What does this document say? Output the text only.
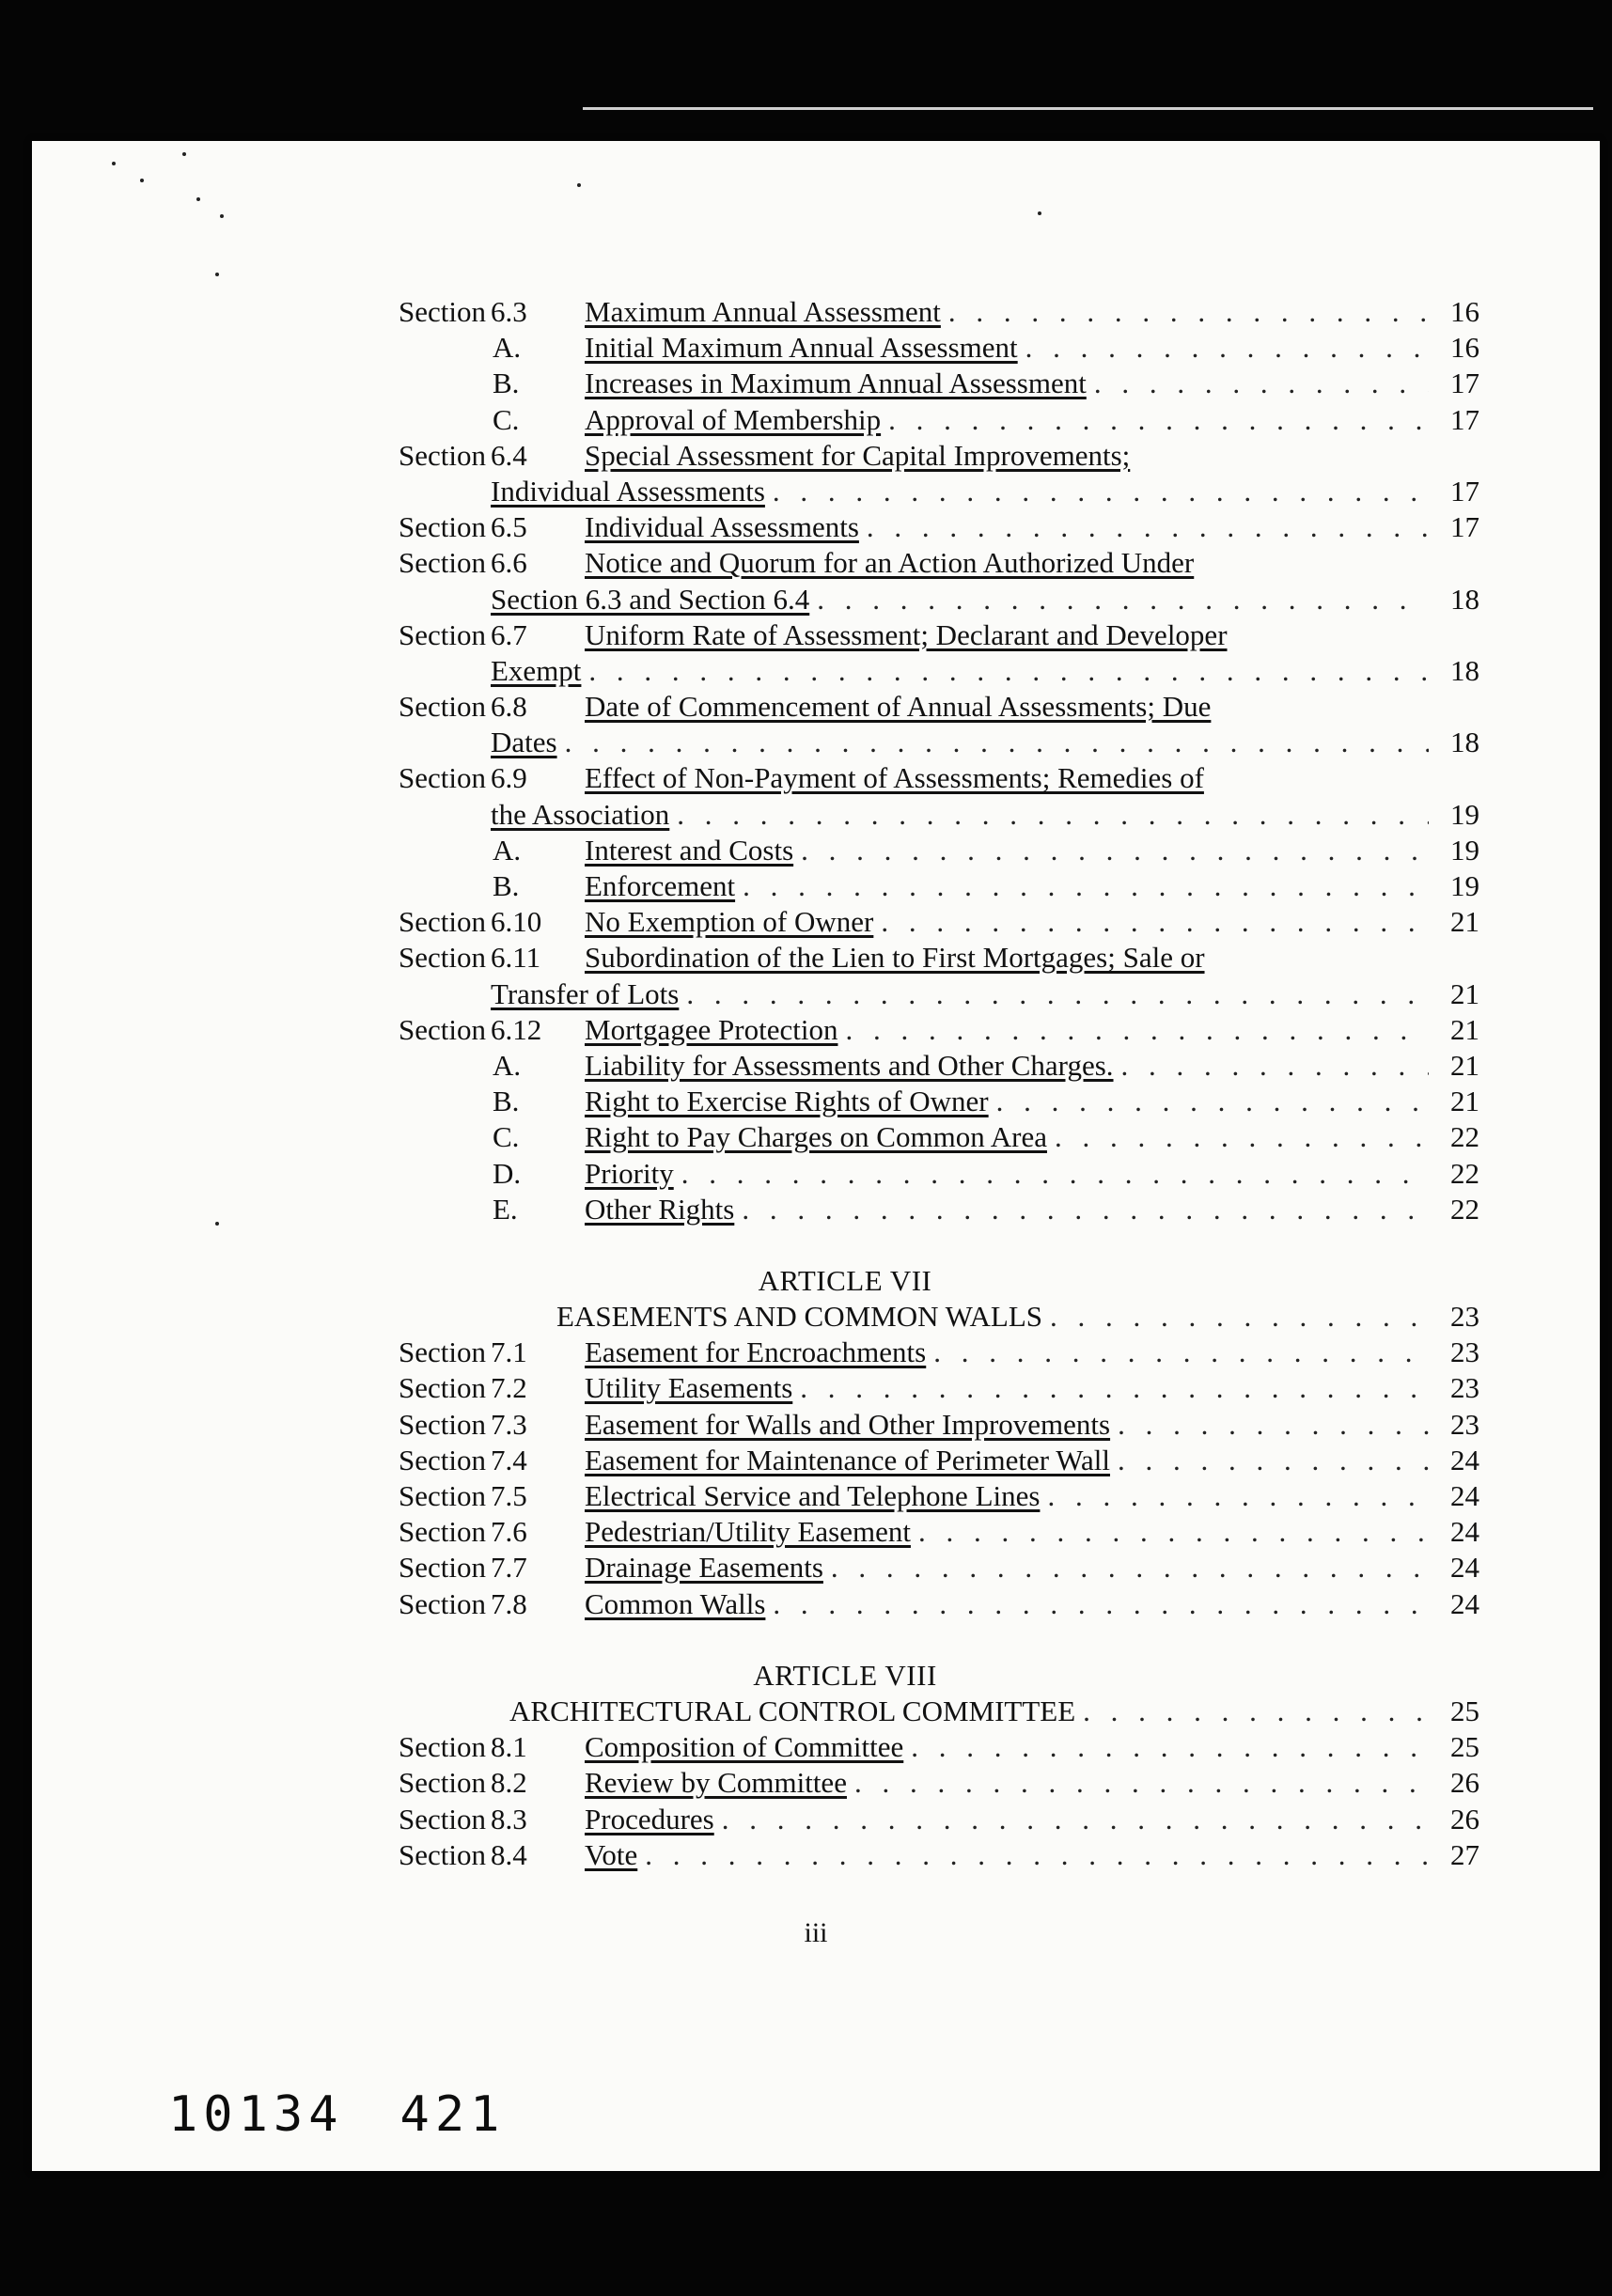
Section 6.3	Maximum Annual Assessment . . .	16
A.	Initial Maximum Annual Assessment . . .	16
B.	Increases in Maximum Annual Assessment . . .	17
C.	Approval of Membership . . .	17
Section 6.4	Special Assessment for Capital Improvements;
Individual Assessments . . .	17
Section 6.5	Individual Assessments . . .	17
Section 6.6	Notice and Quorum for an Action Authorized Under
Section 6.3 and Section 6.4 . . .	18
Section 6.7	Uniform Rate of Assessment; Declarant and Developer
Exempt . . .	18
Section 6.8	Date of Commencement of Annual Assessments; Due
Dates . . .	18
Section 6.9	Effect of Non-Payment of Assessments; Remedies of
the Association . . .	19
A.	Interest and Costs . . .	19
B.	Enforcement . . .	19
Section 6.10	No Exemption of Owner . . .	21
Section 6.11	Subordination of the Lien to First Mortgages; Sale or
Transfer of Lots . . .	21
Section 6.12	Mortgagee Protection . . .	21
A.	Liability for Assessments and Other Charges. . . .	21
B.	Right to Exercise Rights of Owner . . .	21
C.	Right to Pay Charges on Common Area . . .	22
D.	Priority . . .	22
E.	Other Rights . . .	22
ARTICLE VII
EASEMENTS AND COMMON WALLS . . .	23
Section 7.1	Easement for Encroachments . . .	23
Section 7.2	Utility Easements . . .	23
Section 7.3	Easement for Walls and Other Improvements . . .	23
Section 7.4	Easement for Maintenance of Perimeter Wall . . .	24
Section 7.5	Electrical Service and Telephone Lines . . .	24
Section 7.6	Pedestrian/Utility Easement . . .	24
Section 7.7	Drainage Easements . . .	24
Section 7.8	Common Walls . . .	24
ARTICLE VIII
ARCHITECTURAL CONTROL COMMITTEE . . .	25
Section 8.1	Composition of Committee . . .	25
Section 8.2	Review by Committee . . .	26
Section 8.3	Procedures . . .	26
Section 8.4	Vote . . .	27
iii
10134 421
